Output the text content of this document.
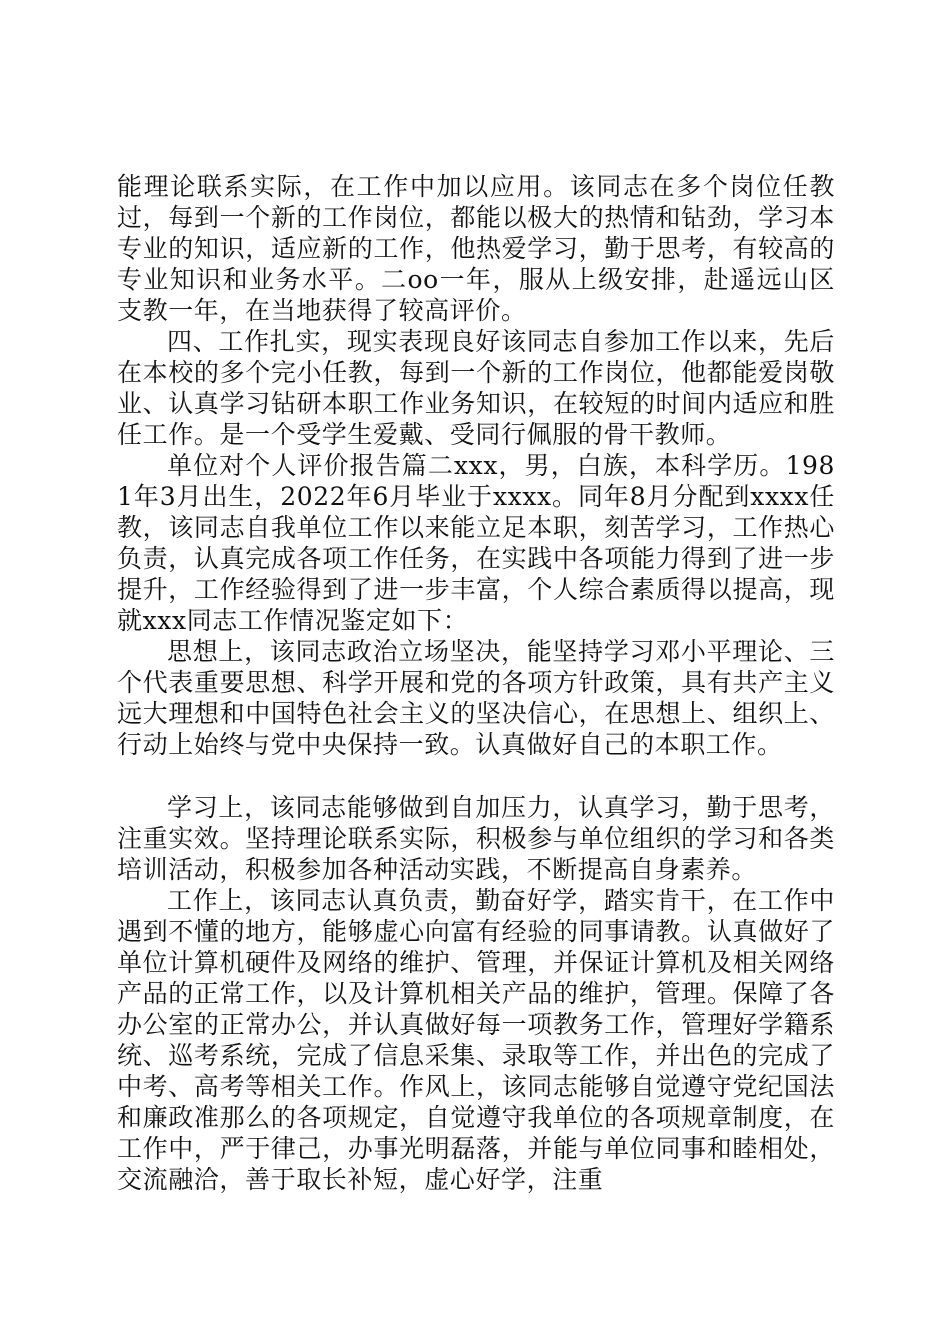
能理论联系实际，在工作中加以应用。该同志在多个岗位任教过，每到一个新的工作岗位，都能以极大的热情和钻劲，学习本专业的知识，适应新的工作，他热爱学习，勤于思考，有较高的专业知识和业务水平。二oo一年，服从上级安排，赴遥远山区支教一年，在当地获得了较高评价。

四、工作扎实，现实表现良好该同志自参加工作以来，先后在本校的多个完小任教，每到一个新的工作岗位，他都能爱岗敬业、认真学习钻研本职工作业务知识，在较短的时间内适应和胜任工作。是一个受学生爱戴、受同行佩服的骨干教师。

单位对个人评价报告篇二xxx，男，白族，本科学历。1981年3月出生，2022年6月毕业于xxxx。同年8月分配到xxxx任教，该同志自我单位工作以来能立足本职，刻苦学习，工作热心负责，认真完成各项工作任务，在实践中各项能力得到了进一步提升，工作经验得到了进一步丰富，个人综合素质得以提高，现就xxx同志工作情况鉴定如下：

思想上，该同志政治立场坚决，能坚持学习邓小平理论、三个代表重要思想、科学开展和党的各项方针政策，具有共产主义远大理想和中国特色社会主义的坚决信心，在思想上、组织上、行动上始终与党中央保持一致。认真做好自己的本职工作。

学习上，该同志能够做到自加压力，认真学习，勤于思考，注重实效。坚持理论联系实际，积极参与单位组织的学习和各类培训活动，积极参加各种活动实践，不断提高自身素养。

工作上，该同志认真负责，勤奋好学，踏实肯干，在工作中遇到不懂的地方，能够虚心向富有经验的同事请教。认真做好了单位计算机硬件及网络的维护、管理，并保证计算机及相关网络产品的正常工作，以及计算机相关产品的维护，管理。保障了各办公室的正常办公，并认真做好每一项教务工作，管理好学籍系统、巡考系统，完成了信息采集、录取等工作，并出色的完成了中考、高考等相关工作。作风上，该同志能够自觉遵守党纪国法和廉政准那么的各项规定，自觉遵守我单位的各项规章制度，在工作中，严于律己，办事光明磊落，并能与单位同事和睦相处，交流融洽，善于取长补短，虚心好学，注重
